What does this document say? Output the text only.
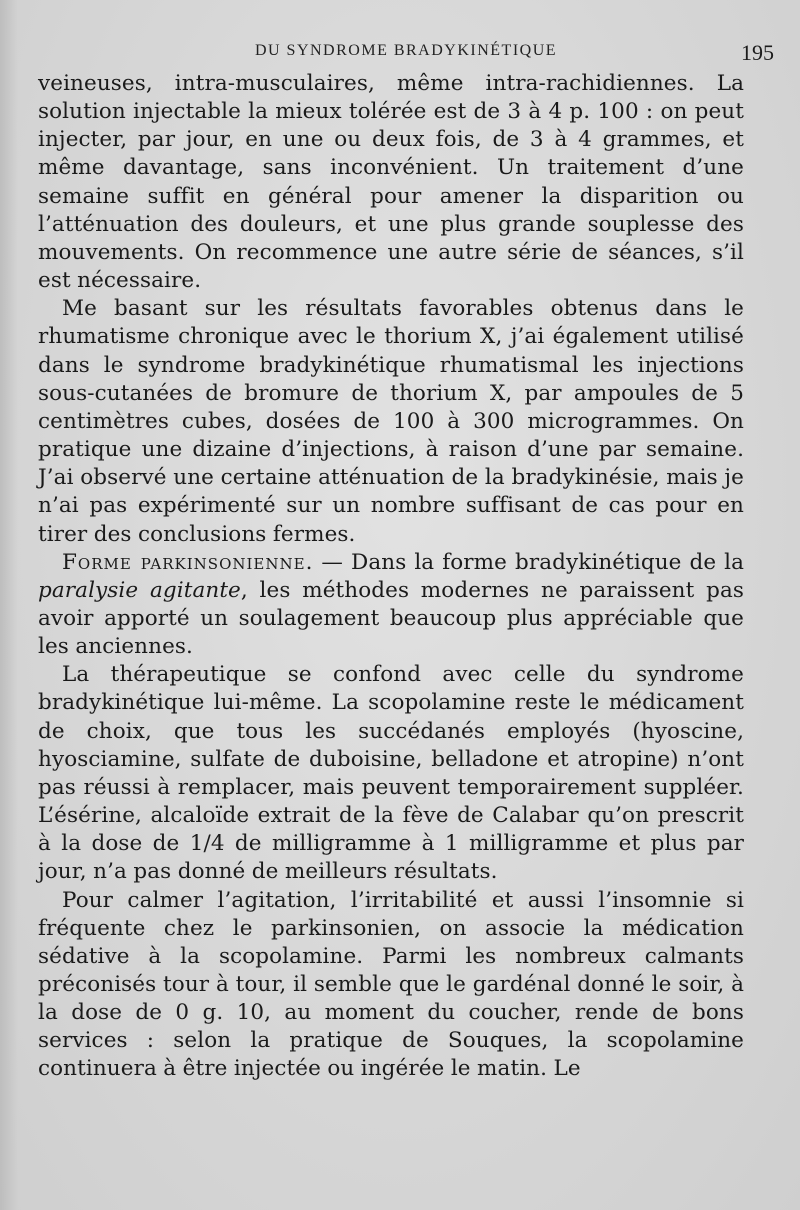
DU SYNDROME BRADYKINÉTIQUE	195

veineuses, intra-musculaires, même intra-rachidiennes. La solution injectable la mieux tolérée est de 3 à 4 p. 100 : on peut injecter, par jour, en une ou deux fois, de 3 à 4 grammes, et même davantage, sans inconvénient. Un traitement d’une semaine suffit en général pour amener la disparition ou l’atténuation des douleurs, et une plus grande souplesse des mouvements. On recommence une autre série de séances, s’il est nécessaire.

Me basant sur les résultats favorables obtenus dans le rhumatisme chronique avec le thorium X, j’ai également utilisé dans le syndrome bradykinétique rhumatismal les injections sous-cutanées de bromure de thorium X, par ampoules de 5 centimètres cubes, dosées de 100 à 300 microgrammes. On pratique une dizaine d’injections, à raison d’une par semaine. J’ai observé une certaine atténuation de la bradykinésie, mais je n’ai pas expérimenté sur un nombre suffisant de cas pour en tirer des conclusions fermes.

Forme parkinsonienne. — Dans la forme bradykinétique de la paralysie agitante, les méthodes modernes ne paraissent pas avoir apporté un soulagement beaucoup plus appréciable que les anciennes.

La thérapeutique se confond avec celle du syndrome bradykinétique lui-même. La scopolamine reste le médicament de choix, que tous les succédanés employés (hyoscine, hyosciamine, sulfate de duboisine, belladone et atropine) n’ont pas réussi à remplacer, mais peuvent temporairement suppléer. L’ésérine, alcaloïde extrait de la fève de Calabar qu’on prescrit à la dose de 1/4 de milligramme à 1 milligramme et plus par jour, n’a pas donné de meilleurs résultats.

Pour calmer l’agitation, l’irritabilité et aussi l’insomnie si fréquente chez le parkinsonien, on associe la médication sédative à la scopolamine. Parmi les nombreux calmants préconisés tour à tour, il semble que le gardénal donné le soir, à la dose de 0 g. 10, au moment du coucher, rende de bons services : selon la pratique de Souques, la scopolamine continuera à être injectée ou ingérée le matin. Le
